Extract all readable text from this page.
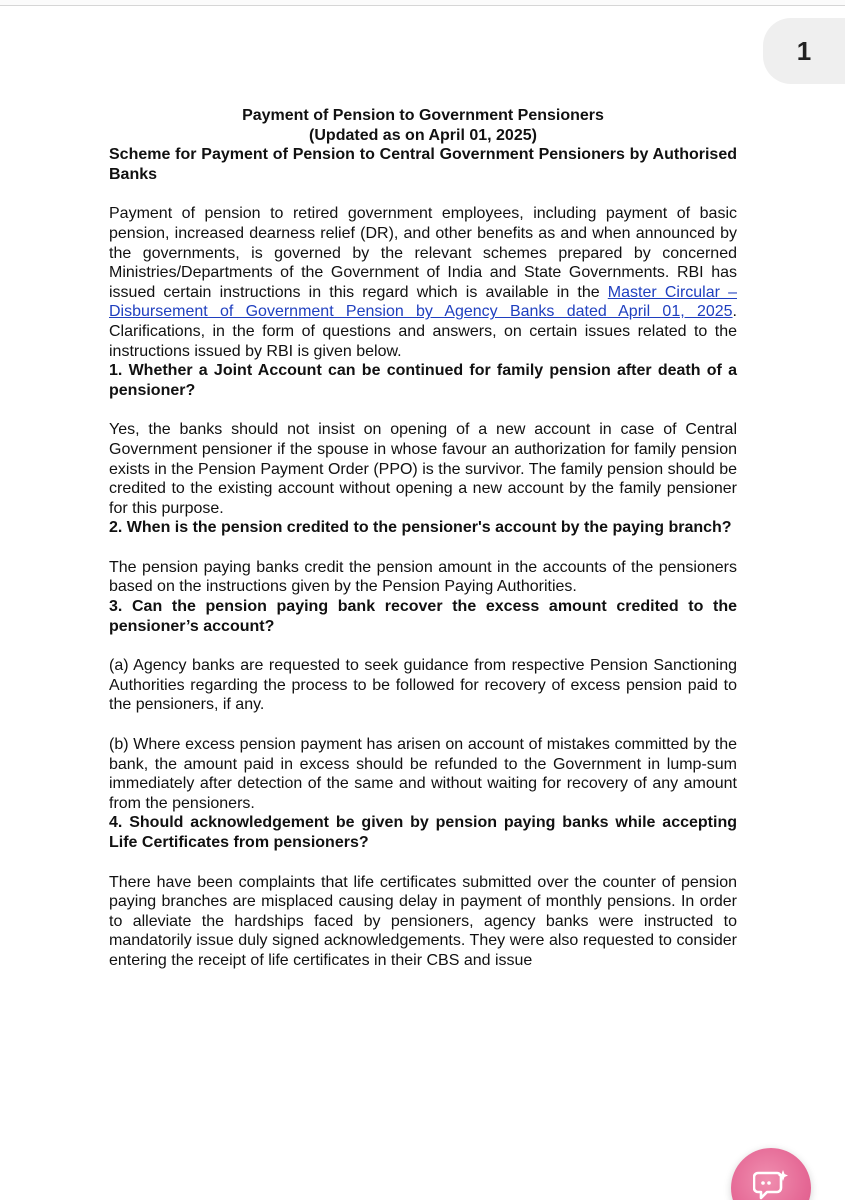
1

Payment of Pension to Government Pensioners

(Updated as on April 01, 2025)

Scheme for Payment of Pension to Central Government Pensioners by Authorised Banks

Payment of pension to retired government employees, including payment of basic pension, increased dearness relief (DR), and other benefits as and when announced by the governments, is governed by the relevant schemes prepared by concerned Ministries/Departments of the Government of India and State Governments. RBI has issued certain instructions in this regard which is available in the Master Circular – Disbursement of Government Pension by Agency Banks dated April 01, 2025. Clarifications, in the form of questions and answers, on certain issues related to the instructions issued by RBI is given below.

1. Whether a Joint Account can be continued for family pension after death of a pensioner?

Yes, the banks should not insist on opening of a new account in case of Central Government pensioner if the spouse in whose favour an authorization for family pension exists in the Pension Payment Order (PPO) is the survivor. The family pension should be credited to the existing account without opening a new account by the family pensioner for this purpose.

2. When is the pension credited to the pensioner's account by the paying branch?

The pension paying banks credit the pension amount in the accounts of the pensioners based on the instructions given by the Pension Paying Authorities.

3. Can the pension paying bank recover the excess amount credited to the pensioner’s account?

(a) Agency banks are requested to seek guidance from respective Pension Sanctioning Authorities regarding the process to be followed for recovery of excess pension paid to the pensioners, if any.

(b) Where excess pension payment has arisen on account of mistakes committed by the bank, the amount paid in excess should be refunded to the Government in lump-sum immediately after detection of the same and without waiting for recovery of any amount from the pensioners.

4. Should acknowledgement be given by pension paying banks while accepting Life Certificates from pensioners?

There have been complaints that life certificates submitted over the counter of pension paying branches are misplaced causing delay in payment of monthly pensions. In order to alleviate the hardships faced by pensioners, agency banks were instructed to mandatorily issue duly signed acknowledgements. They were also requested to consider entering the receipt of life certificates in their CBS and issue
